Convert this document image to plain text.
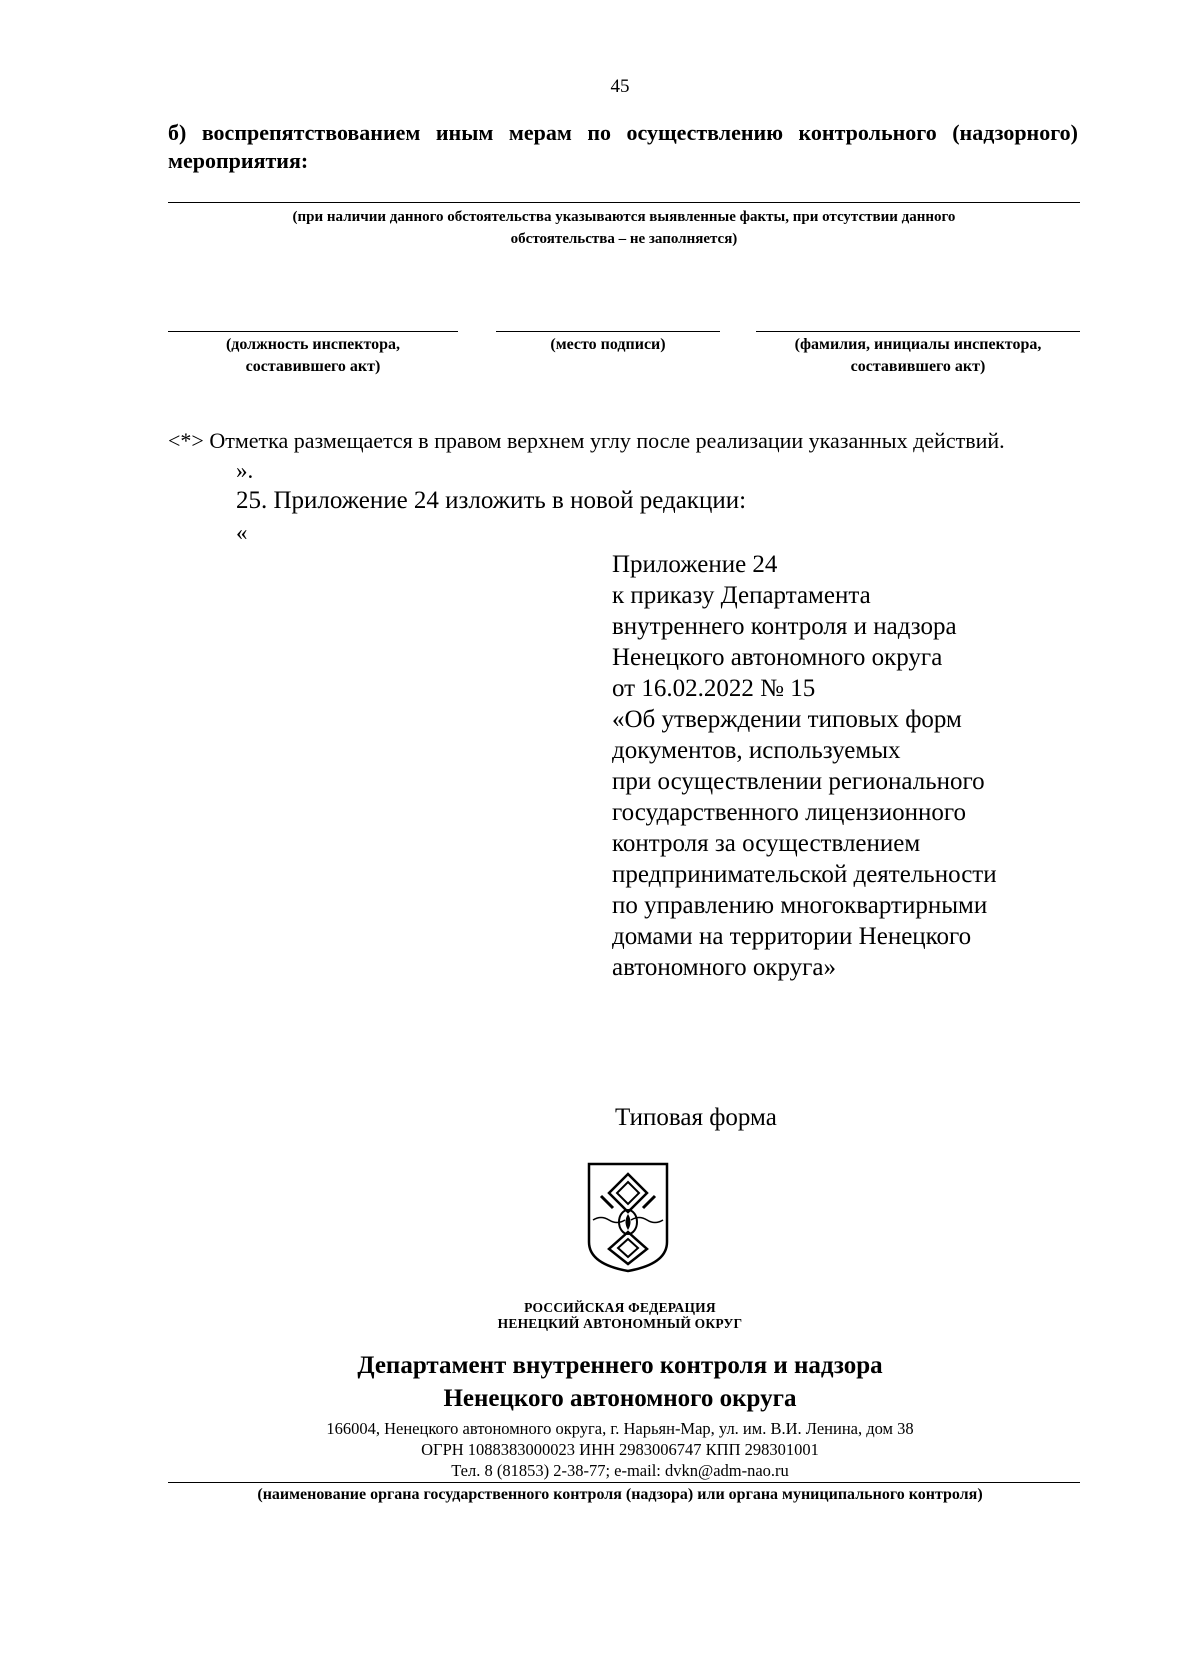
45
б) воспрепятствованием иным мерам по осуществлению контрольного (надзорного)
мероприятия:
(при наличии данного обстоятельства указываются выявленные факты, при отсутствии данного
обстоятельства – не заполняется)
(должность инспектора,
составившего акт)
(место подписи)	(фамилия, инициалы инспектора,
составившего акт)
<*> Отметка размещается в правом верхнем углу после реализации указанных действий.
».
25. Приложение 24 изложить в новой редакции:
«
Приложение 24
к приказу Департамента
внутреннего контроля и надзора
Ненецкого автономного округа
от 16.02.2022 № 15
«Об утверждении типовых форм
документов, используемых
при осуществлении регионального
государственного лицензионного
контроля за осуществлением
предпринимательской деятельности
по управлению многоквартирными
домами на территории Ненецкого
автономного округа»
Типовая форма
РОССИЙСКАЯ ФЕДЕРАЦИЯ
НЕНЕЦКИЙ АВТОНОМНЫЙ ОКРУГ
Департамент внутреннего контроля и надзора
Ненецкого автономного округа
166004, Ненецкого автономного округа, г. Нарьян-Мар, ул. им. В.И. Ленина, дом 38
ОГРН 1088383000023 ИНН 2983006747 КПП 298301001
Тел. 8 (81853) 2-38-77; e-mail: dvkn@adm-nao.ru
(наименование органа государственного контроля (надзора) или органа муниципального контроля)
